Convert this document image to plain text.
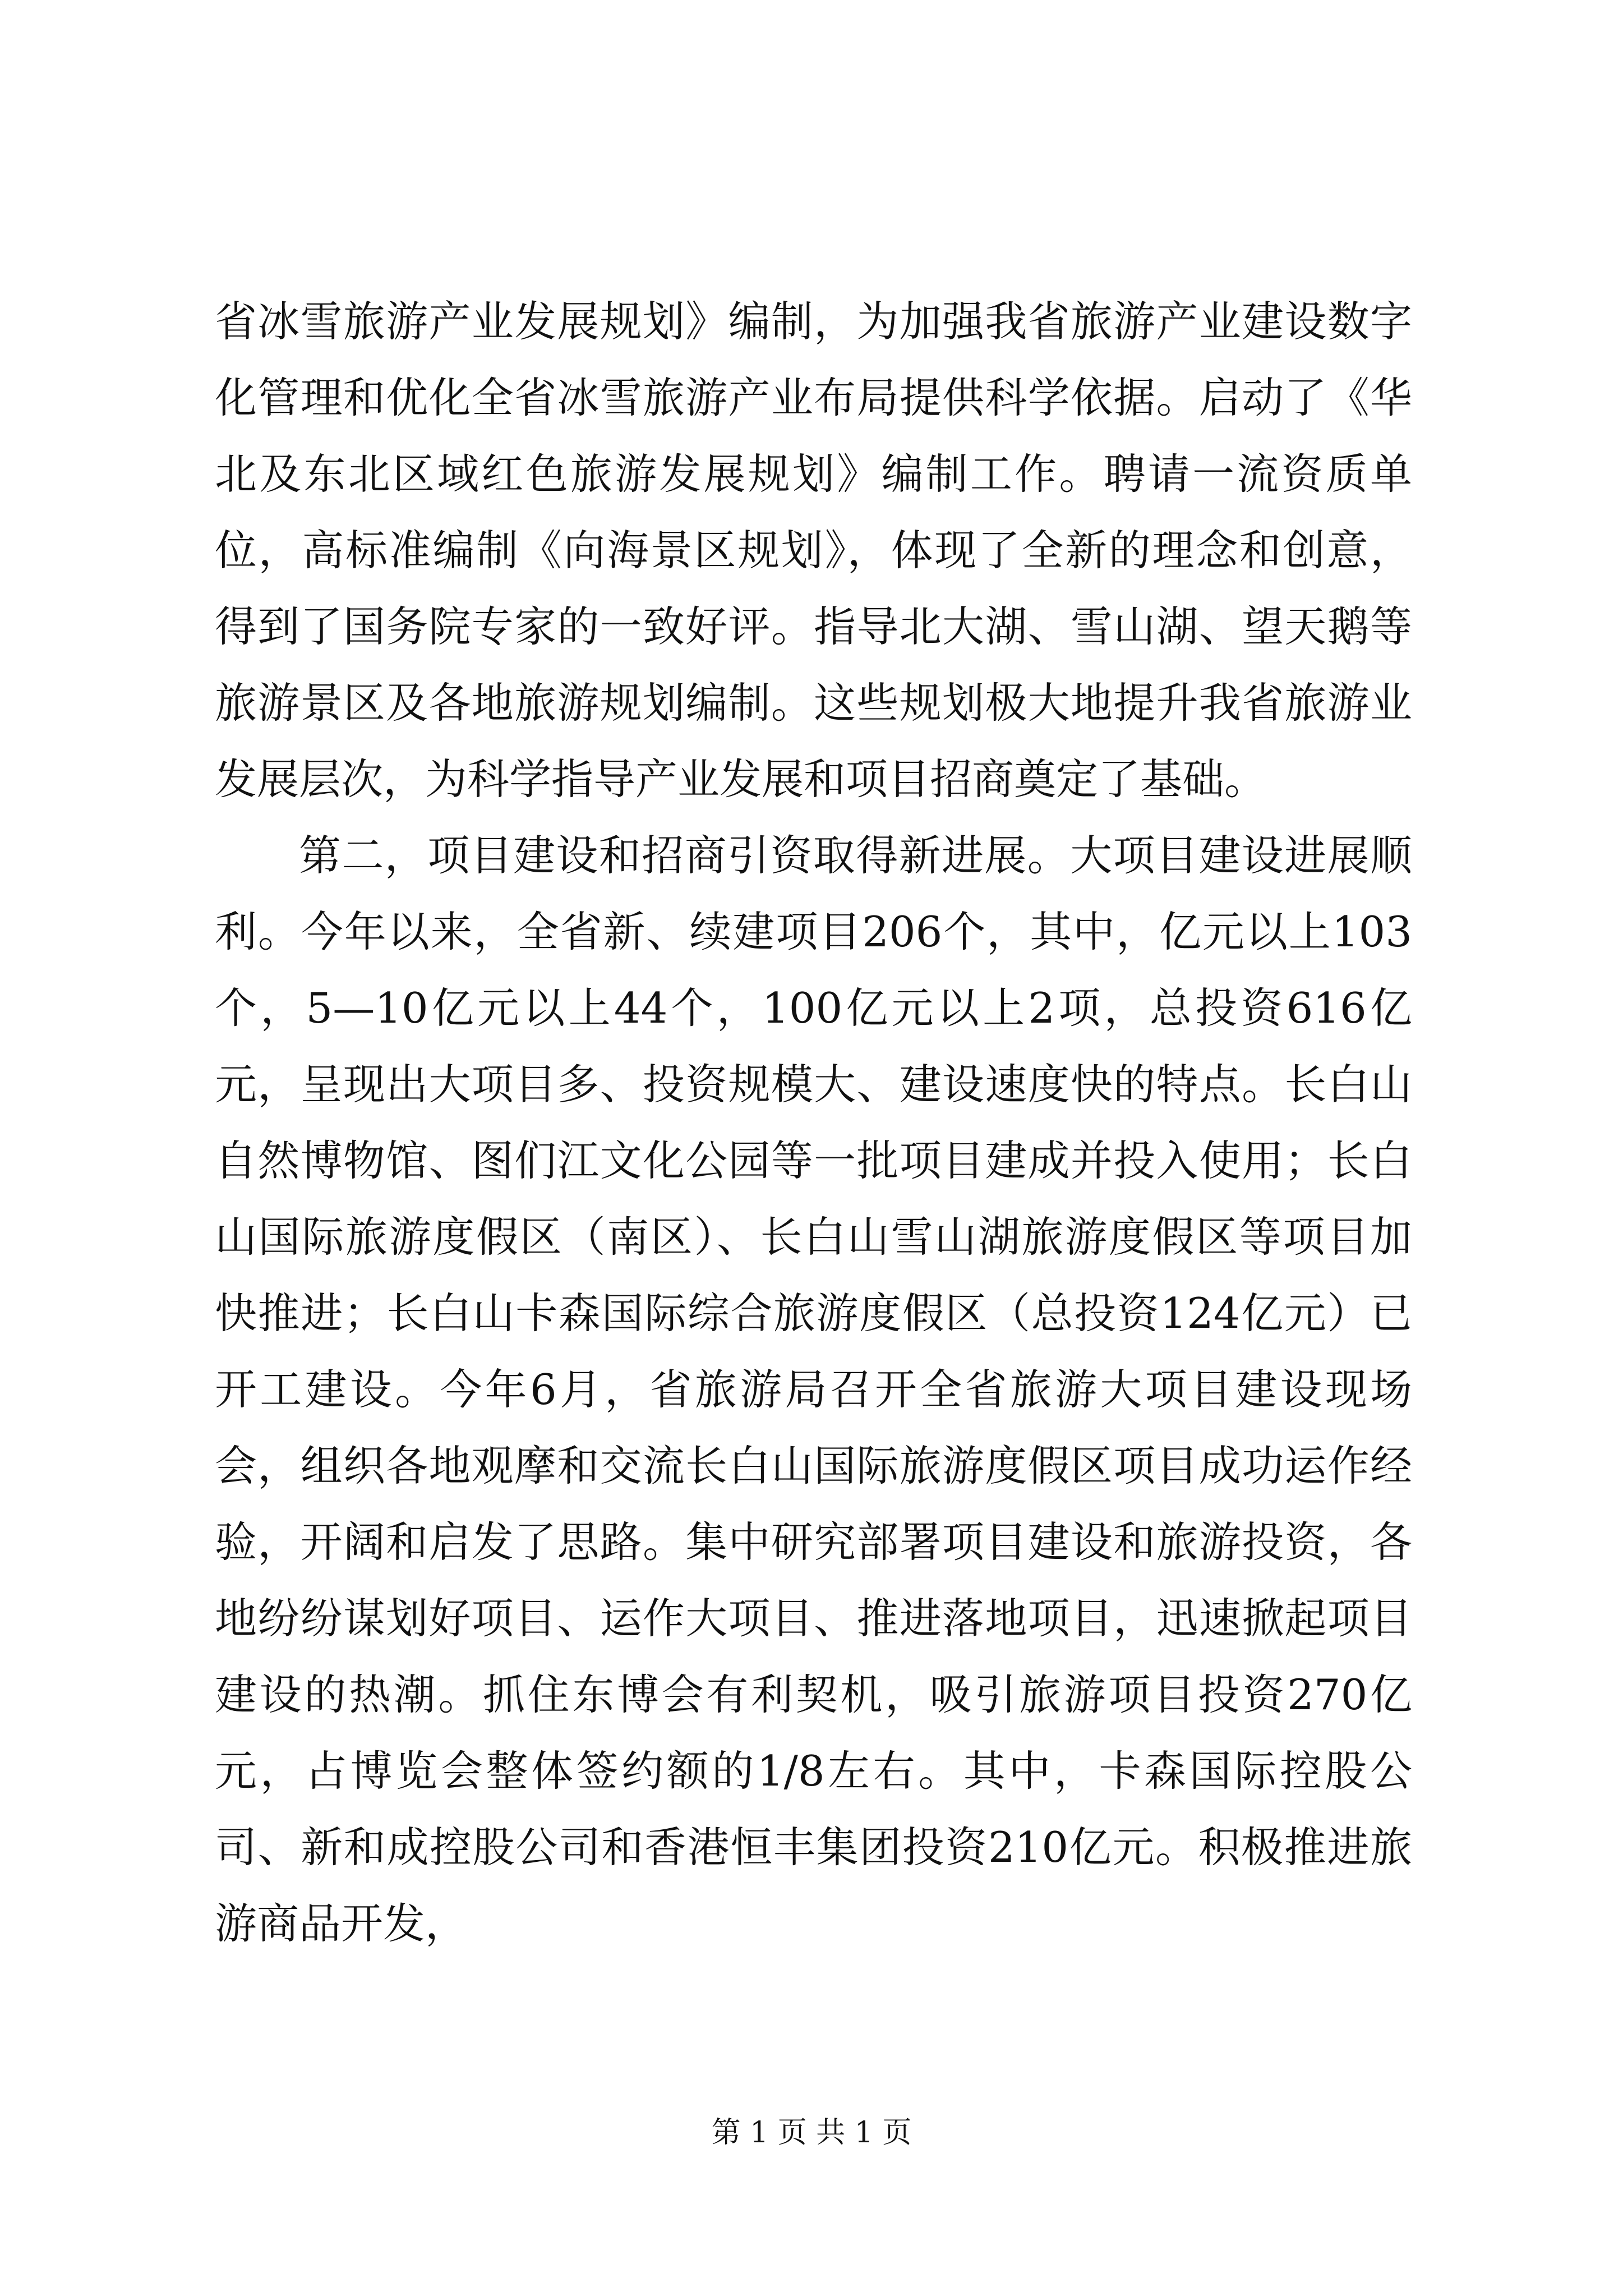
省冰雪旅游产业发展规划》编制，为加强我省旅游产业建设数字化管理和优化全省冰雪旅游产业布局提供科学依据。启动了《华北及东北区域红色旅游发展规划》编制工作。聘请一流资质单位，高标准编制《向海景区规划》，体现了全新的理念和创意，得到了国务院专家的一致好评。指导北大湖、雪山湖、望天鹅等旅游景区及各地旅游规划编制。这些规划极大地提升我省旅游业发展层次，为科学指导产业发展和项目招商奠定了基础。

第二，项目建设和招商引资取得新进展。大项目建设进展顺利。今年以来，全省新、续建项目206个，其中，亿元以上103个，5—10亿元以上44个，100亿元以上2项，总投资616亿元，呈现出大项目多、投资规模大、建设速度快的特点。长白山自然博物馆、图们江文化公园等一批项目建成并投入使用；长白山国际旅游度假区（南区）、长白山雪山湖旅游度假区等项目加快推进；长白山卡森国际综合旅游度假区（总投资124亿元）已开工建设。今年6月，省旅游局召开全省旅游大项目建设现场会，组织各地观摩和交流长白山国际旅游度假区项目成功运作经验，开阔和启发了思路。集中研究部署项目建设和旅游投资，各地纷纷谋划好项目、运作大项目、推进落地项目，迅速掀起项目建设的热潮。抓住东博会有利契机，吸引旅游项目投资270亿元，占博览会整体签约额的1/8左右。其中，卡森国际控股公司、新和成控股公司和香港恒丰集团投资210亿元。积极推进旅游商品开发，

第 1 页 共 1 页
